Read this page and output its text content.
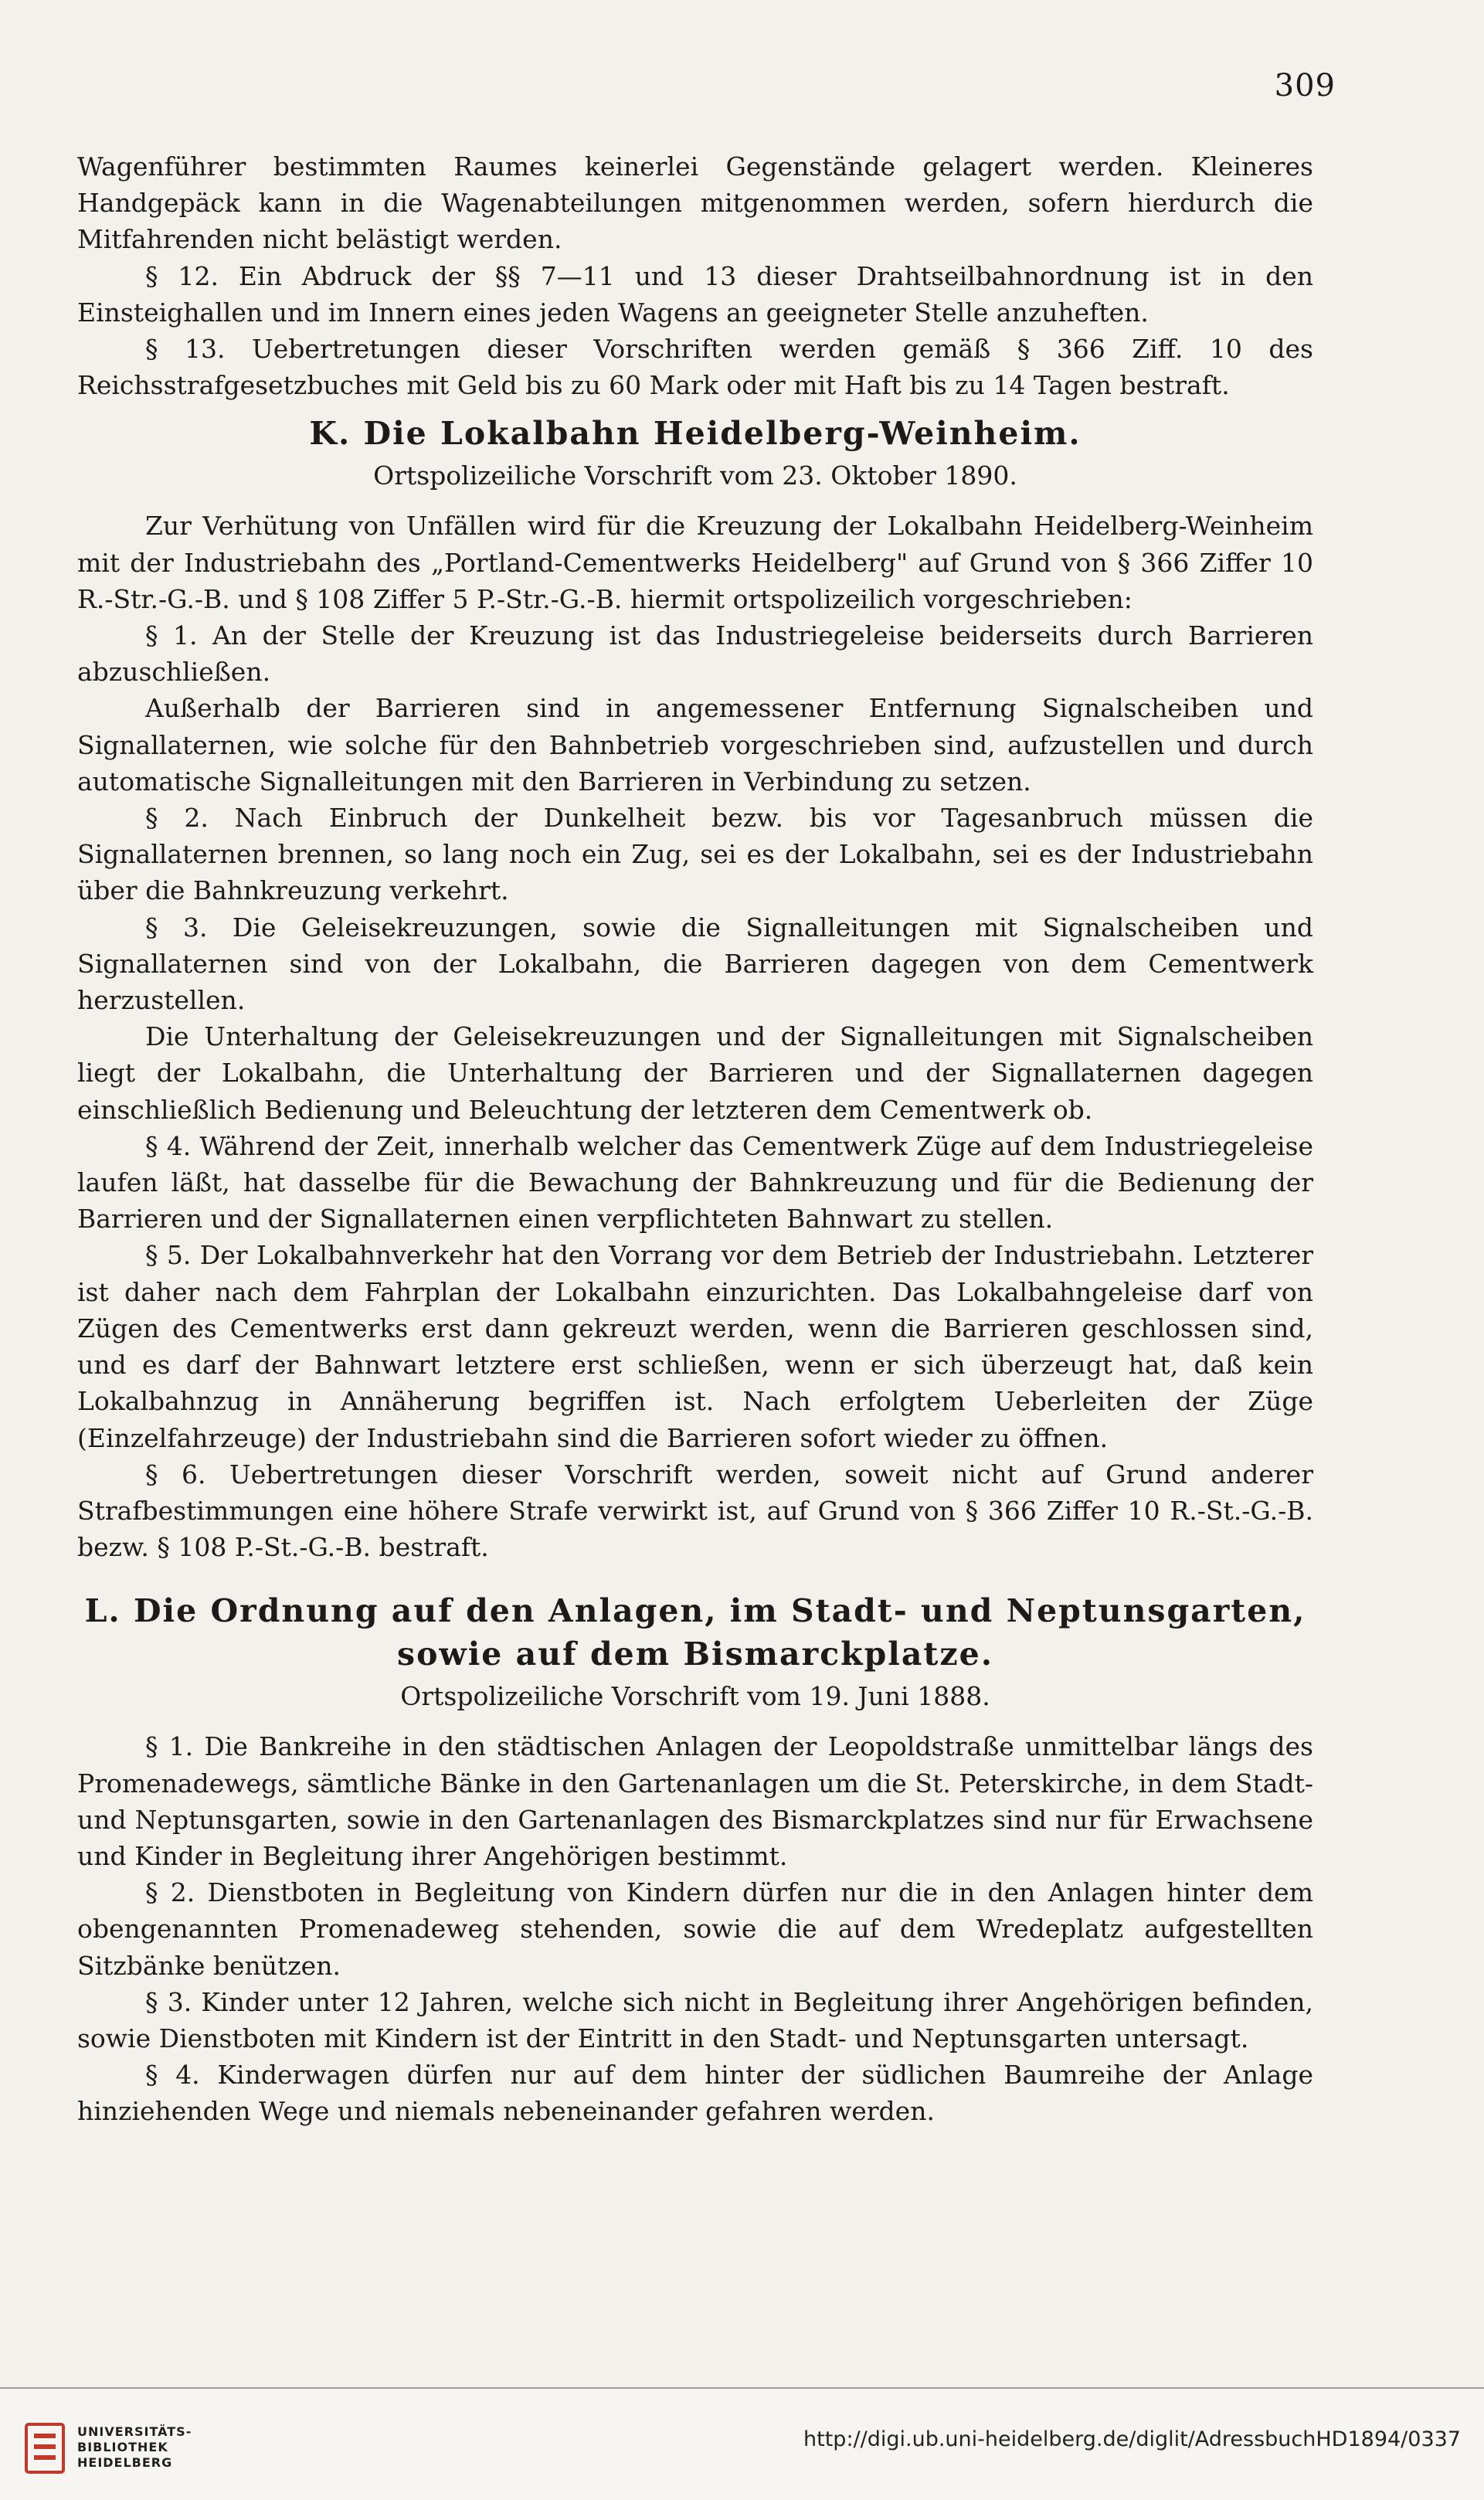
309

Wagenführer bestimmten Raumes keinerlei Gegenstände gelagert werden. Kleineres Handgepäck kann in die Wagenabteilungen mitgenommen werden, sofern hierdurch die Mitfahrenden nicht belästigt werden.

§ 12. Ein Abdruck der §§ 7—11 und 13 dieser Drahtseilbahnordnung ist in den Einsteighallen und im Innern eines jeden Wagens an geeigneter Stelle anzuheften.

§ 13. Uebertretungen dieser Vorschriften werden gemäß § 366 Ziff. 10 des Reichsstrafgesetzbuches mit Geld bis zu 60 Mark oder mit Haft bis zu 14 Tagen bestraft.

K. Die Lokalbahn Heidelberg-Weinheim.
Ortspolizeiliche Vorschrift vom 23. Oktober 1890.

Zur Verhütung von Unfällen wird für die Kreuzung der Lokalbahn Heidelberg-Weinheim mit der Industriebahn des „Portland-Cementwerks Heidelberg" auf Grund von § 366 Ziffer 10 R.-Str.-G.-B. und § 108 Ziffer 5 P.-Str.-G.-B. hiermit ortspolizeilich vorgeschrieben:

§ 1. An der Stelle der Kreuzung ist das Industriegeleise beiderseits durch Barrieren abzuschließen.

Außerhalb der Barrieren sind in angemessener Entfernung Signalscheiben und Signallaternen, wie solche für den Bahnbetrieb vorgeschrieben sind, aufzustellen und durch automatische Signalleitungen mit den Barrieren in Verbindung zu setzen.

§ 2. Nach Einbruch der Dunkelheit bezw. bis vor Tagesanbruch müssen die Signallaternen brennen, so lang noch ein Zug, sei es der Lokalbahn, sei es der Industriebahn über die Bahnkreuzung verkehrt.

§ 3. Die Geleisekreuzungen, sowie die Signalleitungen mit Signalscheiben und Signallaternen sind von der Lokalbahn, die Barrieren dagegen von dem Cementwerk herzustellen.

Die Unterhaltung der Geleisekreuzungen und der Signalleitungen mit Signalscheiben liegt der Lokalbahn, die Unterhaltung der Barrieren und der Signallaternen dagegen einschließlich Bedienung und Beleuchtung der letzteren dem Cementwerk ob.

§ 4. Während der Zeit, innerhalb welcher das Cementwerk Züge auf dem Industriegeleise laufen läßt, hat dasselbe für die Bewachung der Bahnkreuzung und für die Bedienung der Barrieren und der Signallaternen einen verpflichteten Bahnwart zu stellen.

§ 5. Der Lokalbahnverkehr hat den Vorrang vor dem Betrieb der Industriebahn. Letzterer ist daher nach dem Fahrplan der Lokalbahn einzurichten. Das Lokalbahngeleise darf von Zügen des Cementwerks erst dann gekreuzt werden, wenn die Barrieren geschlossen sind, und es darf der Bahnwart letztere erst schließen, wenn er sich überzeugt hat, daß kein Lokalbahnzug in Annäherung begriffen ist. Nach erfolgtem Ueberleiten der Züge (Einzelfahrzeuge) der Industriebahn sind die Barrieren sofort wieder zu öffnen.

§ 6. Uebertretungen dieser Vorschrift werden, soweit nicht auf Grund anderer Strafbestimmungen eine höhere Strafe verwirkt ist, auf Grund von § 366 Ziffer 10 R.-St.-G.-B. bezw. § 108 P.-St.-G.-B. bestraft.

L. Die Ordnung auf den Anlagen, im Stadt- und Neptunsgarten,
sowie auf dem Bismarckplatze.
Ortspolizeiliche Vorschrift vom 19. Juni 1888.

§ 1. Die Bankreihe in den städtischen Anlagen der Leopoldstraße unmittelbar längs des Promenadewegs, sämtliche Bänke in den Gartenanlagen um die St. Peterskirche, in dem Stadt- und Neptunsgarten, sowie in den Gartenanlagen des Bismarckplatzes sind nur für Erwachsene und Kinder in Begleitung ihrer Angehörigen bestimmt.

§ 2. Dienstboten in Begleitung von Kindern dürfen nur die in den Anlagen hinter dem obengenannten Promenadeweg stehenden, sowie die auf dem Wredeplatz aufgestellten Sitzbänke benützen.

§ 3. Kinder unter 12 Jahren, welche sich nicht in Begleitung ihrer Angehörigen befinden, sowie Dienstboten mit Kindern ist der Eintritt in den Stadt- und Neptunsgarten untersagt.

§ 4. Kinderwagen dürfen nur auf dem hinter der südlichen Baumreihe der Anlage hinziehenden Wege und niemals nebeneinander gefahren werden.

UNIVERSITÄTS-
BIBLIOTHEK
HEIDELBERG
http://digi.ub.uni-heidelberg.de/diglit/AdressbuchHD1894/0337
